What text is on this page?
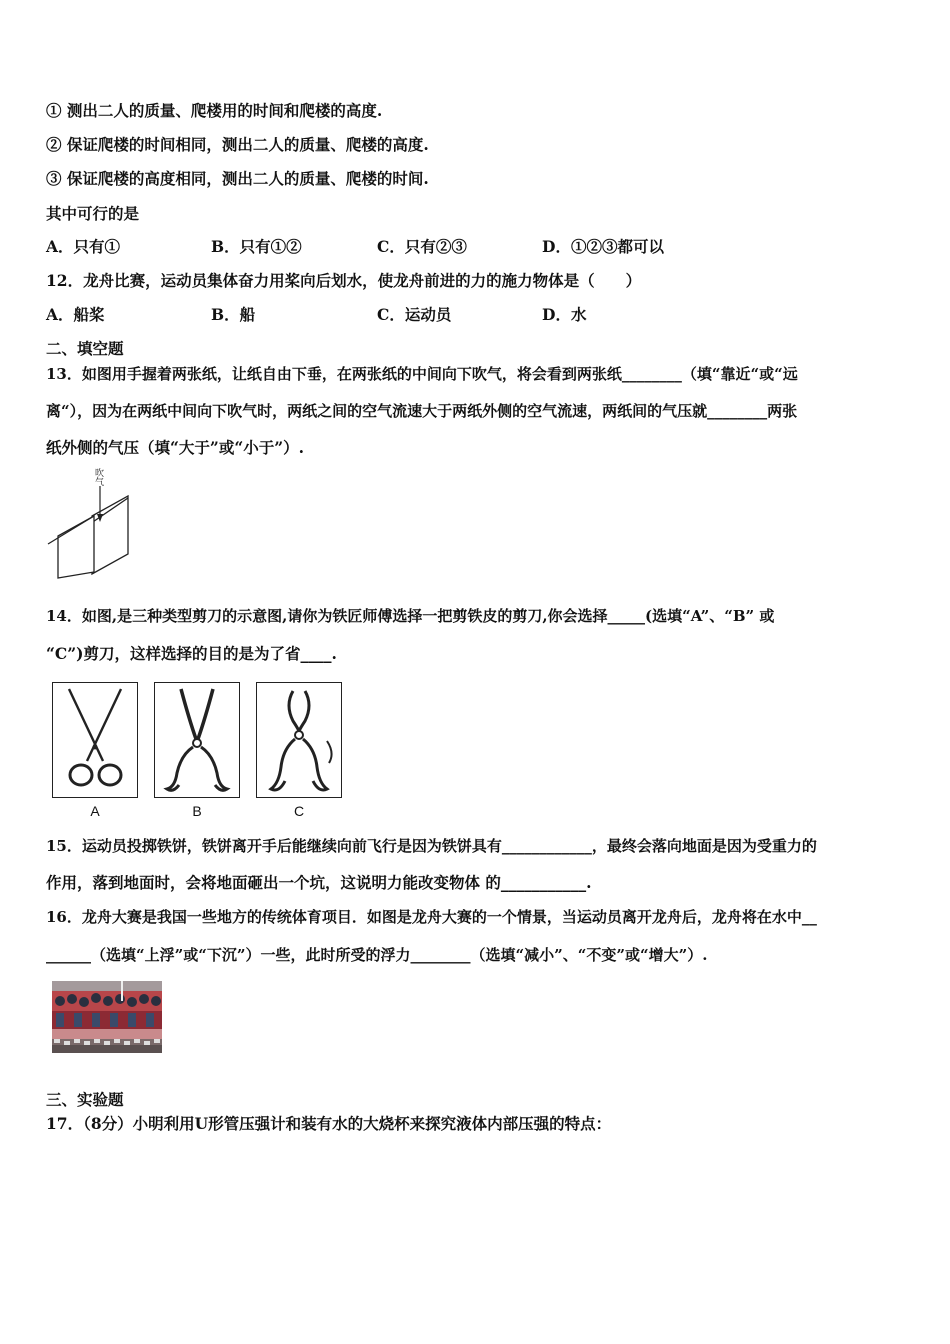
① 测出二人的质量、爬楼用的时间和爬楼的高度.
② 保证爬楼的时间相同，测出二人的质量、爬楼的高度.
③ 保证爬楼的高度相同，测出二人的质量、爬楼的时间.
其中可行的是
A．只有①	B．只有①②	C．只有②③	D．①②③都可以
12．龙舟比赛，运动员集体奋力用桨向后划水，使龙舟前进的力的施力物体是（　　）
A．船桨	B．船	C．运动员	D．水
二、填空题
13．如图用手握着两张纸，让纸自由下垂，在两张纸的中间向下吹气，将会看到两张纸________（填“靠近“或“远
离“），因为在两纸中间向下吹气时，两纸之间的空气流速大于两纸外侧的空气流速，两纸间的气压就________两张
纸外侧的气压（填“大于”或“小于”）.
吹
气
14．如图,是三种类型剪刀的示意图,请你为铁匠师傅选择一把剪铁皮的剪刀,你会选择_____(选填“A”、“B” 或
“C”)剪刀，这样选择的目的是为了省____.
A	B	C
15．运动员投掷铁饼，铁饼离开手后能继续向前飞行是因为铁饼具有____________，最终会落向地面是因为受重力的
作用，落到地面时，会将地面砸出一个坑，这说明力能改变物体 的___________.
16．龙舟大赛是我国一些地方的传统体育项目．如图是龙舟大赛的一个情景，当运动员离开龙舟后，龙舟将在水中__
______（选填“上浮”或“下沉”）一些，此时所受的浮力________（选填“减小”、“不变”或“增大”）.
三、实验题
17．（8分）小明利用U形管压强计和装有水的大烧杯来探究液体内部压强的特点：
